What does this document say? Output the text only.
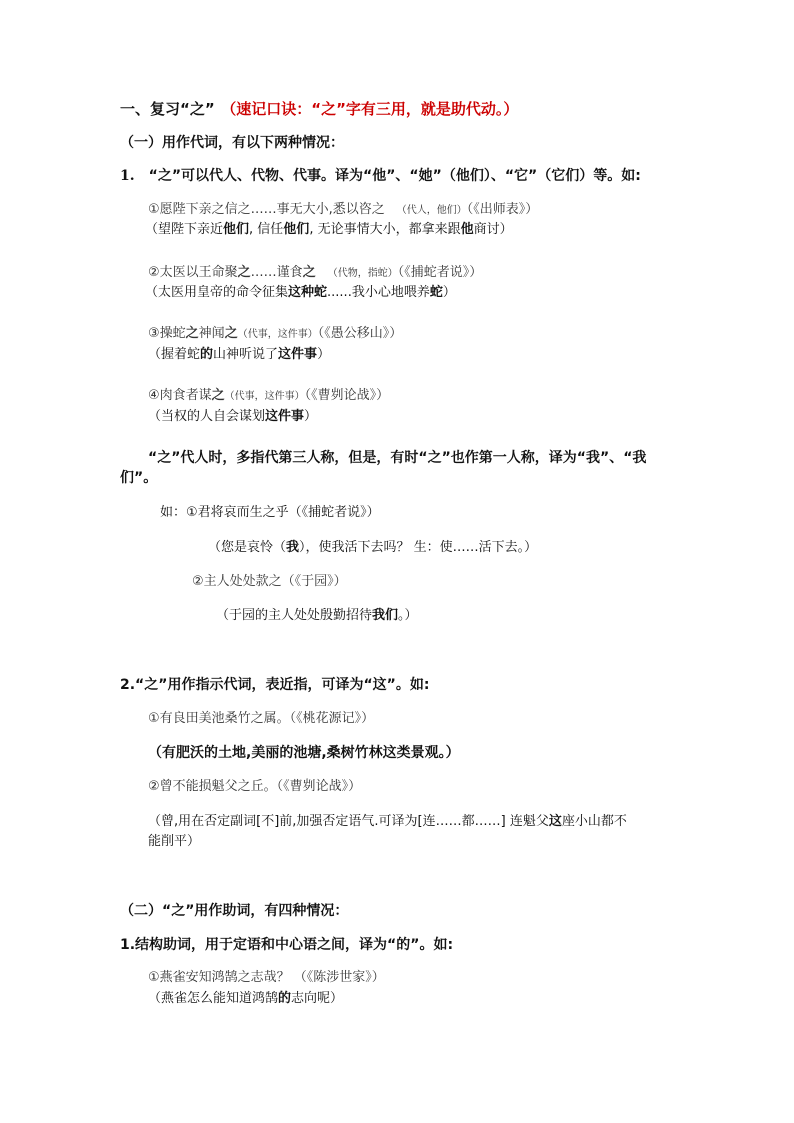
一、复习“之” （速记口诀：“之”字有三用，就是助代动。）
（一）用作代词，有以下两种情况：
1. “之”可以代人、代物、代事。译为“他”、“她”（他们）、“它”（它们）等。如:
①愿陛下亲之信之……事无大小,悉以咨之 （代人，他们）（《出师表》）
（望陛下亲近他们, 信任他们, 无论事情大小，都拿来跟他商讨）
②太医以王命聚之……谨食之 （代物，指蛇）（《捕蛇者说》）
（太医用皇帝的命令征集这种蛇......我小心地喂养蛇）
③操蛇之神闻之（代事，这件事）（《愚公移山》）
（握着蛇的山神听说了这件事）
④肉食者谋之（代事，这件事）（《曹刿论战》）
（当权的人自会谋划这件事）
“之”代人时，多指代第三人称，但是，有时“之”也作第一人称，译为“我”、“我
们”。
如：①君将哀而生之乎（《捕蛇者说》）
（您是哀怜（我），使我活下去吗？ 生：使……活下去。）
②主人处处款之（《于园》）
（于园的主人处处殷勤招待我们。）
2.“之”用作指示代词，表近指，可译为“这”。如:
①有良田美池桑竹之属。（《桃花源记》）
（有肥沃的土地,美丽的池塘,桑树竹林这类景观。）
②曾不能损魁父之丘。（《曹刿论战》）
（曾,用在否定副词[不]前,加强否定语气.可译为[连……都……] 连魁父这座小山都不
能削平）
（二）“之”用作助词，有四种情况：
1.结构助词，用于定语和中心语之间，译为“的”。如:
①燕雀安知鸿鹄之志哉？ （《陈涉世家》）
（燕雀怎么能知道鸿鹄的志向呢）
